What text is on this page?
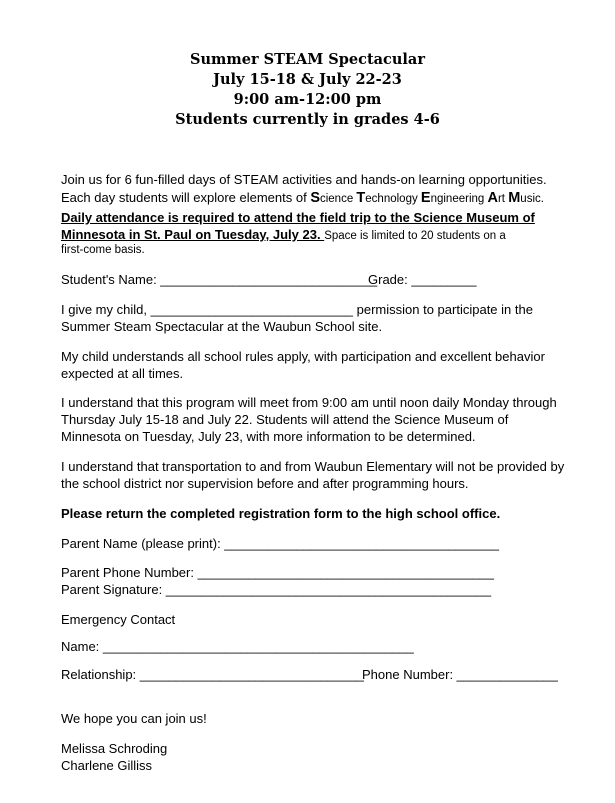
Summer STEAM Spectacular
July 15-18 & July 22-23
9:00 am-12:00 pm
Students currently in grades 4-6
Join us for 6 fun-filled days of STEAM activities and hands-on learning opportunities.
Each day students will explore elements of Science Technology Engineering Art Music.
Daily attendance is required to attend the field trip to the Science Museum of
Minnesota in St. Paul on Tuesday, July 23. Space is limited to 20 students on a
first-come basis.
Student's Name: ______________________________
Grade: _________
I give my child, ____________________________ permission to participate in the
Summer Steam Spectacular at the Waubun School site.
My child understands all school rules apply, with participation and excellent behavior
expected at all times.
I understand that this program will meet from 9:00 am until noon daily Monday through
Thursday July 15-18 and July 22. Students will attend the Science Museum of
Minnesota on Tuesday, July 23, with more information to be determined.
I understand that transportation to and from Waubun Elementary will not be provided by
the school district nor supervision before and after programming hours.
Please return the completed registration form to the high school office.
Parent Name (please print): ______________________________________
Parent Phone Number: _________________________________________
Parent Signature: _____________________________________________
Emergency Contact
Name: ___________________________________________
Relationship: _______________________________
Phone Number: ______________
We hope you can join us!
Melissa Schroding
Charlene Gilliss
